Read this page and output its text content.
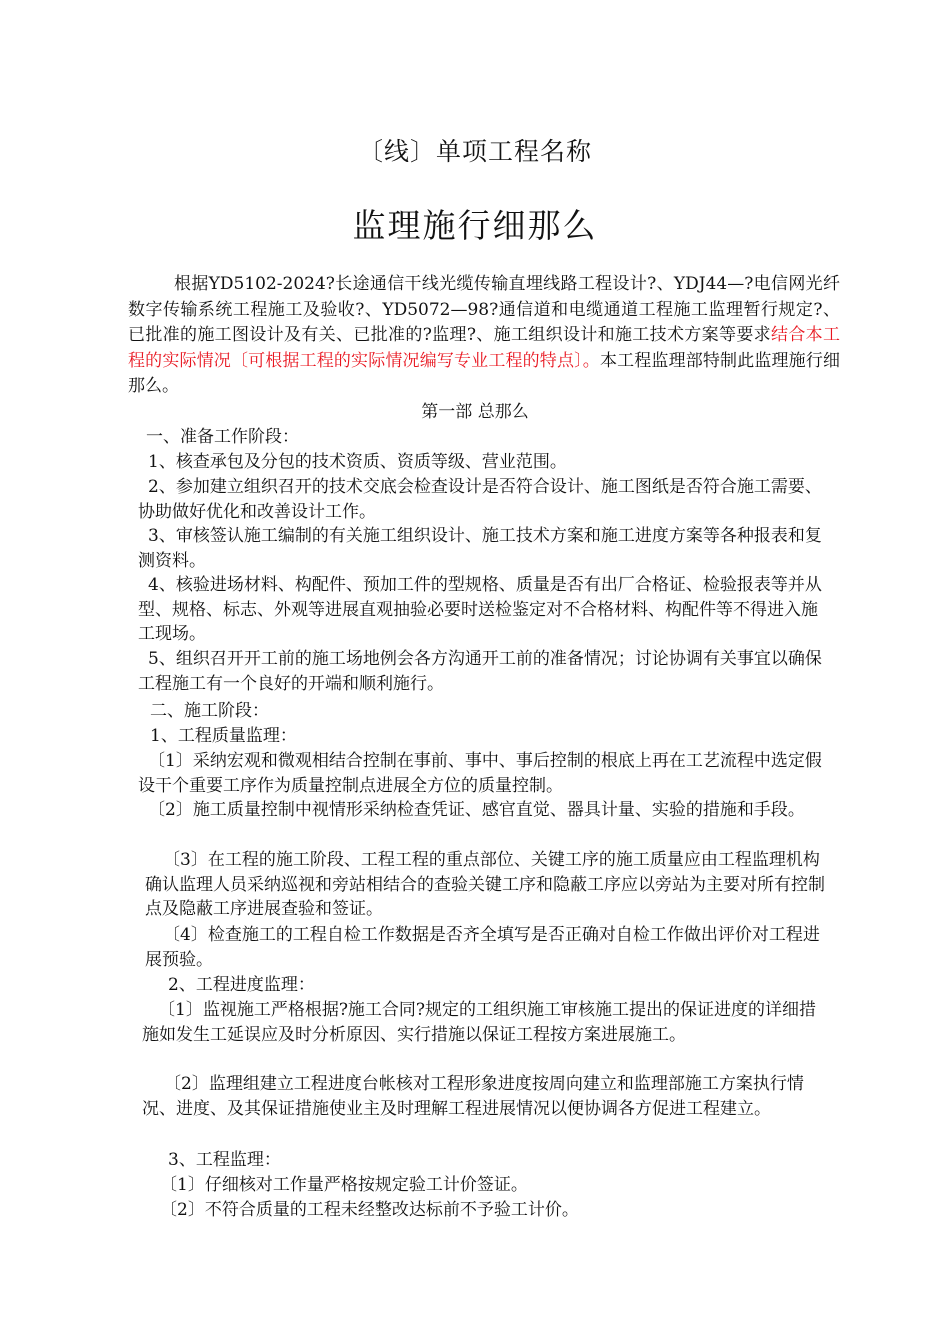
〔线〕单项工程名称
监理施行细那么
根据YD5102-2024?长途通信干线光缆传输直埋线路工程设计?、YDJ44—?电信网光纤数字传输系统工程施工及验收?、YD5072—98?通信道和电缆通道工程施工监理暂行规定?、已批准的施工图设计及有关、已批准的?监理?、施工组织设计和施工技术方案等要求结合本工程的实际情况〔可根据工程的实际情况编写专业工程的特点〕。本工程监理部特制此监理施行细那么。
第一部 总那么

一、准备工作阶段：

1、核查承包及分包的技术资质、资质等级、营业范围。

2、参加建立组织召开的技术交底会检查设计是否符合设计、施工图纸是否符合施工需要、协助做好优化和改善设计工作。

3、审核签认施工编制的有关施工组织设计、施工技术方案和施工进度方案等各种报表和复测资料。

4、核验进场材料、构配件、预加工件的型规格、质量是否有出厂合格证、检验报表等并从型、规格、标志、外观等进展直观抽验必要时送检鉴定对不合格材料、构配件等不得进入施工现场。

5、组织召开开工前的施工场地例会各方沟通开工前的准备情况；讨论协调有关事宜以确保工程施工有一个良好的开端和顺利施行。

二、施工阶段：

1、工程质量监理：

〔1〕采纳宏观和微观相结合控制在事前、事中、事后控制的根底上再在工艺流程中选定假设干个重要工序作为质量控制点进展全方位的质量控制。

〔2〕施工质量控制中视情形采纳检查凭证、感官直觉、器具计量、实验的措施和手段。

〔3〕在工程的施工阶段、工程工程的重点部位、关键工序的施工质量应由工程监理机构确认监理人员采纳巡视和旁站相结合的查验关键工序和隐蔽工序应以旁站为主要对所有控制点及隐蔽工序进展查验和签证。

〔4〕检查施工的工程自检工作数据是否齐全填写是否正确对自检工作做出评价对工程进展预验。

2、工程进度监理：

〔1〕监视施工严格根据?施工合同?规定的工组织施工审核施工提出的保证进度的详细措施如发生工延误应及时分析原因、实行措施以保证工程按方案进展施工。

〔2〕监理组建立工程进度台帐核对工程形象进度按周向建立和监理部施工方案执行情况、进度、及其保证措施使业主及时理解工程进展情况以便协调各方促进工程建立。

3、工程监理：

〔1〕仔细核对工作量严格按规定验工计价签证。

〔2〕不符合质量的工程未经整改达标前不予验工计价。
